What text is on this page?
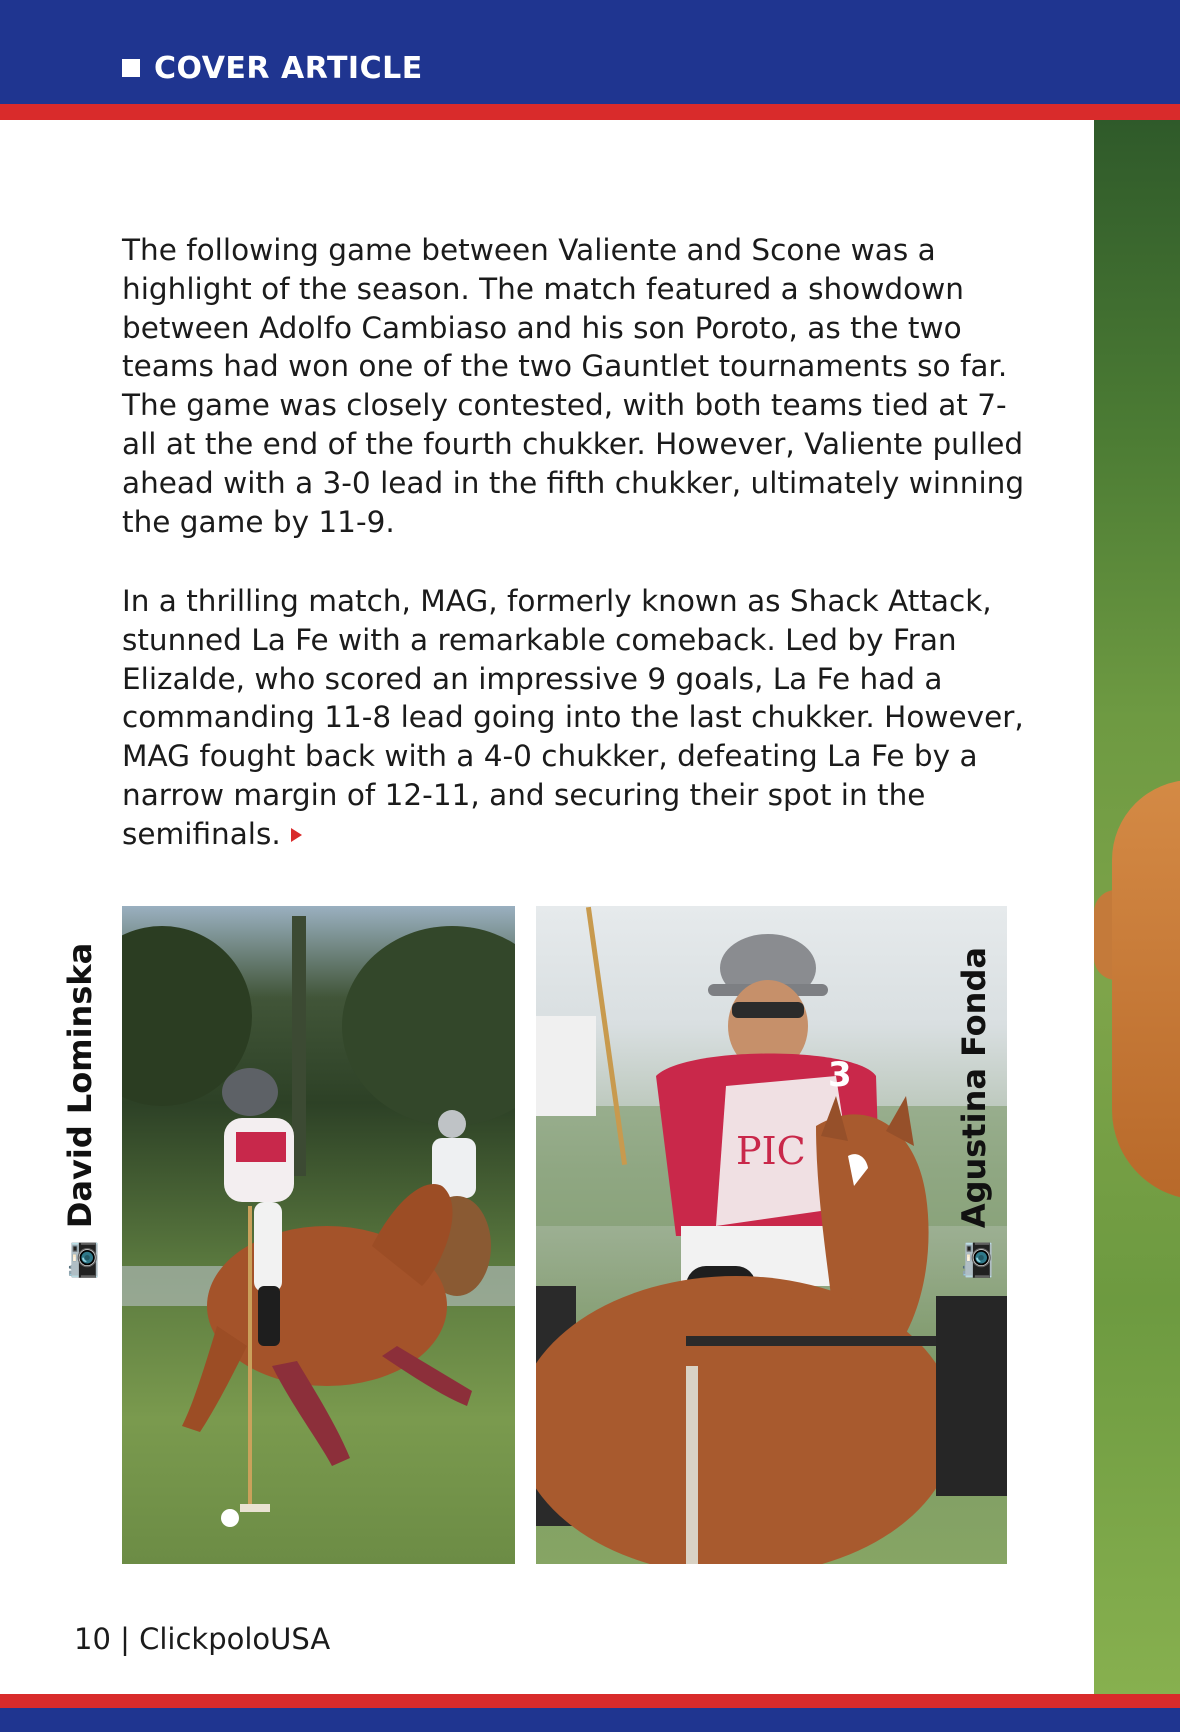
COVER ARTICLE

The following game between Valiente and Scone was a highlight of the season. The match featured a showdown between Adolfo Cambiaso and his son Poroto, as the two teams had won one of the two Gauntlet tournaments so far. The game was closely contested, with both teams tied at 7-all at the end of the fourth chukker. However, Valiente pulled ahead with a 3-0 lead in the fifth chukker, ultimately winning the game by 11-9.

In a thrilling match, MAG, formerly known as Shack Attack, stunned La Fe with a remarkable comeback. Led by Fran Elizalde, who scored an impressive 9 goals, La Fe had a commanding 11-8 lead going into the last chukker. However, MAG fought back with a 4-0 chukker, defeating La Fe by a narrow margin of 12-11, and securing their spot in the semifinals.

PIC
3
📷
David Lominska
📷
Agustina Fonda
10 | ClickpoloUSA
